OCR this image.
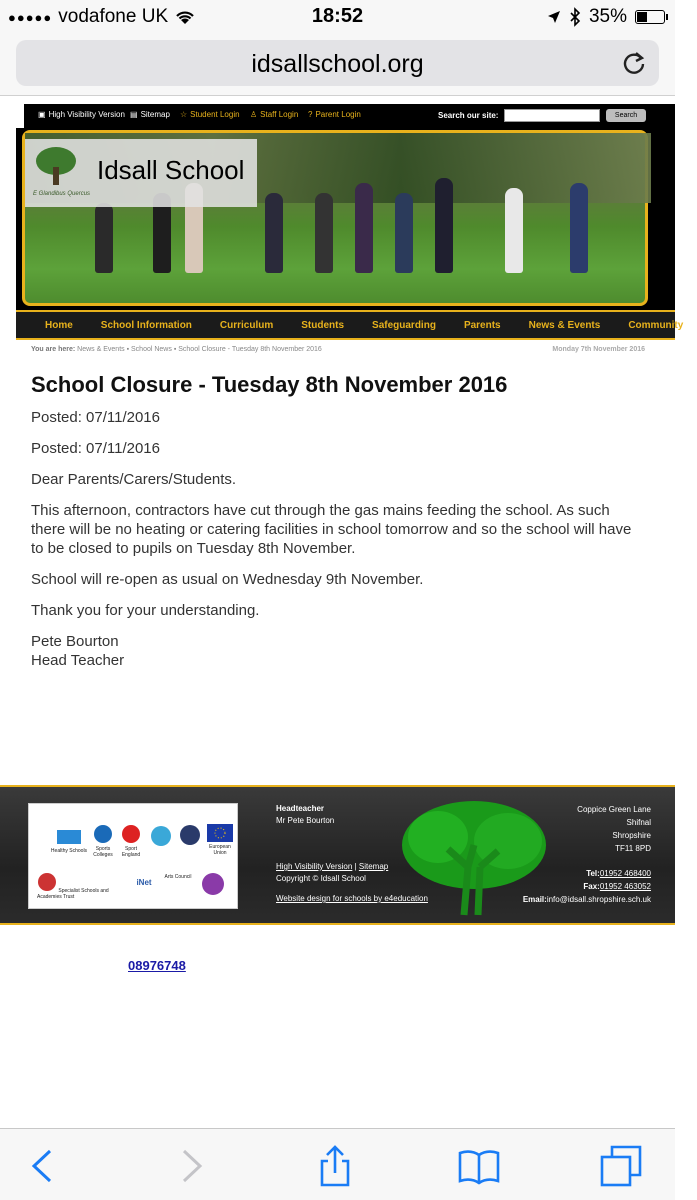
●●●●● vodafone UK	18:52	35%
idsallschool.org
▣ High Visibility Version ▤ Sitemap ☆ Student Login ♙ Staff Login ? Parent Login	Search our site:	Search
Idsall School
E Glandibus Quercus
Home	School Information	Curriculum	Students	Safeguarding	Parents	News & Events	Community
You are here: News & Events ▪ School News ▪ School Closure - Tuesday 8th November 2016	Monday 7th November 2016
School Closure - Tuesday 8th November 2016

Posted: 07/11/2016

Posted: 07/11/2016

Dear Parents/Carers/Students.

This afternoon, contractors have cut through the gas mains feeding the school. As such there will be no heating or catering facilities in school tomorrow and so the school will have to be closed to pupils on Tuesday 8th November.

School will re-open as usual on Wednesday 9th November.

Thank you for your understanding.

Pete Bourton
Head Teacher

Healthy Schools	Sports Colleges

Sport England

European Union
Specialist Schools and Academies Trust
iNet
Arts Council
Headteacher
Mr Pete Bourton
High Visibility Version | Sitemap
Copyright © Idsall School
Website design for schools by e4education
Coppice Green Lane
Shifnal
Shropshire
TF11 8PD
Tel:01952 468400
Fax:01952 463052
Email:info@idsall.shropshire.sch.uk
08976748
